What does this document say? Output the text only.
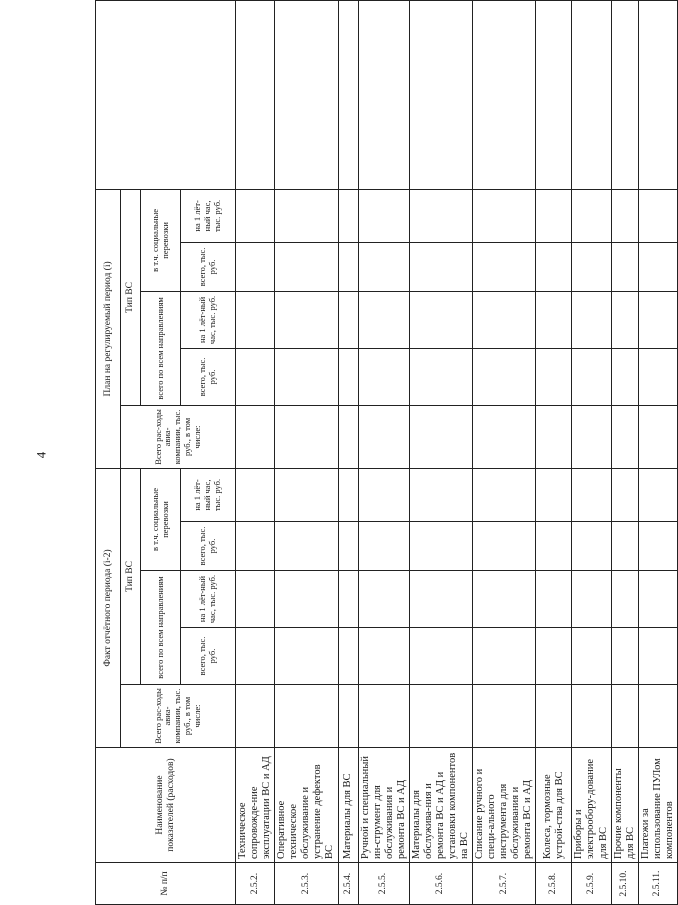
4
№ п/п	Наименование показателей (расходов)	Факт отчётного периода (i-2)					План на регулируемый период (i)					
		Всего рас-ходы авиа-компании, тыс. руб., в том числе:	Тип ВС				Всего рас-ходы авиа-компании, тыс. руб., в том числе:	Тип ВС				
			всего по всем направлениям		в т.ч. социальные перевозки			всего по всем направлениям		в т.ч. социальные перевозки		
			всего, тыс. руб.	на 1 лёт-ный час, тыс. руб.	всего, тыс. руб.	на 1 лёт-ный час, тыс. руб.		всего, тыс. руб.	на 1 лёт-ный час, тыс. руб.	всего, тыс. руб.	на 1 лёт-ный час, тыс. руб.	
2.5.2.	Техническое сопровожде-ние эксплуатации ВС и АД											
2.5.3.	Оперативное техническое обслуживание и устранение дефектов ВС											
2.5.4.	Материалы для ВС											
2.5.5.	Ручной и специальный ин-струмент для обслуживания и ремонта ВС и АД											
2.5.6.	Материалы для обслужива-ния и ремонта ВС и АД и установки компонентов на ВС											
2.5.7.	Списание ручного и специ-ального инструмента для обслуживания и ремонта ВС и АД											
2.5.8.	Колеса, тормозные устрой-ства для ВС											
2.5.9.	Приборы и электрообору-дование для ВС											
2.5.10.	Прочие компоненты для ВС											
2.5.11.	Платежи за использование ПУЛом компонентов											
